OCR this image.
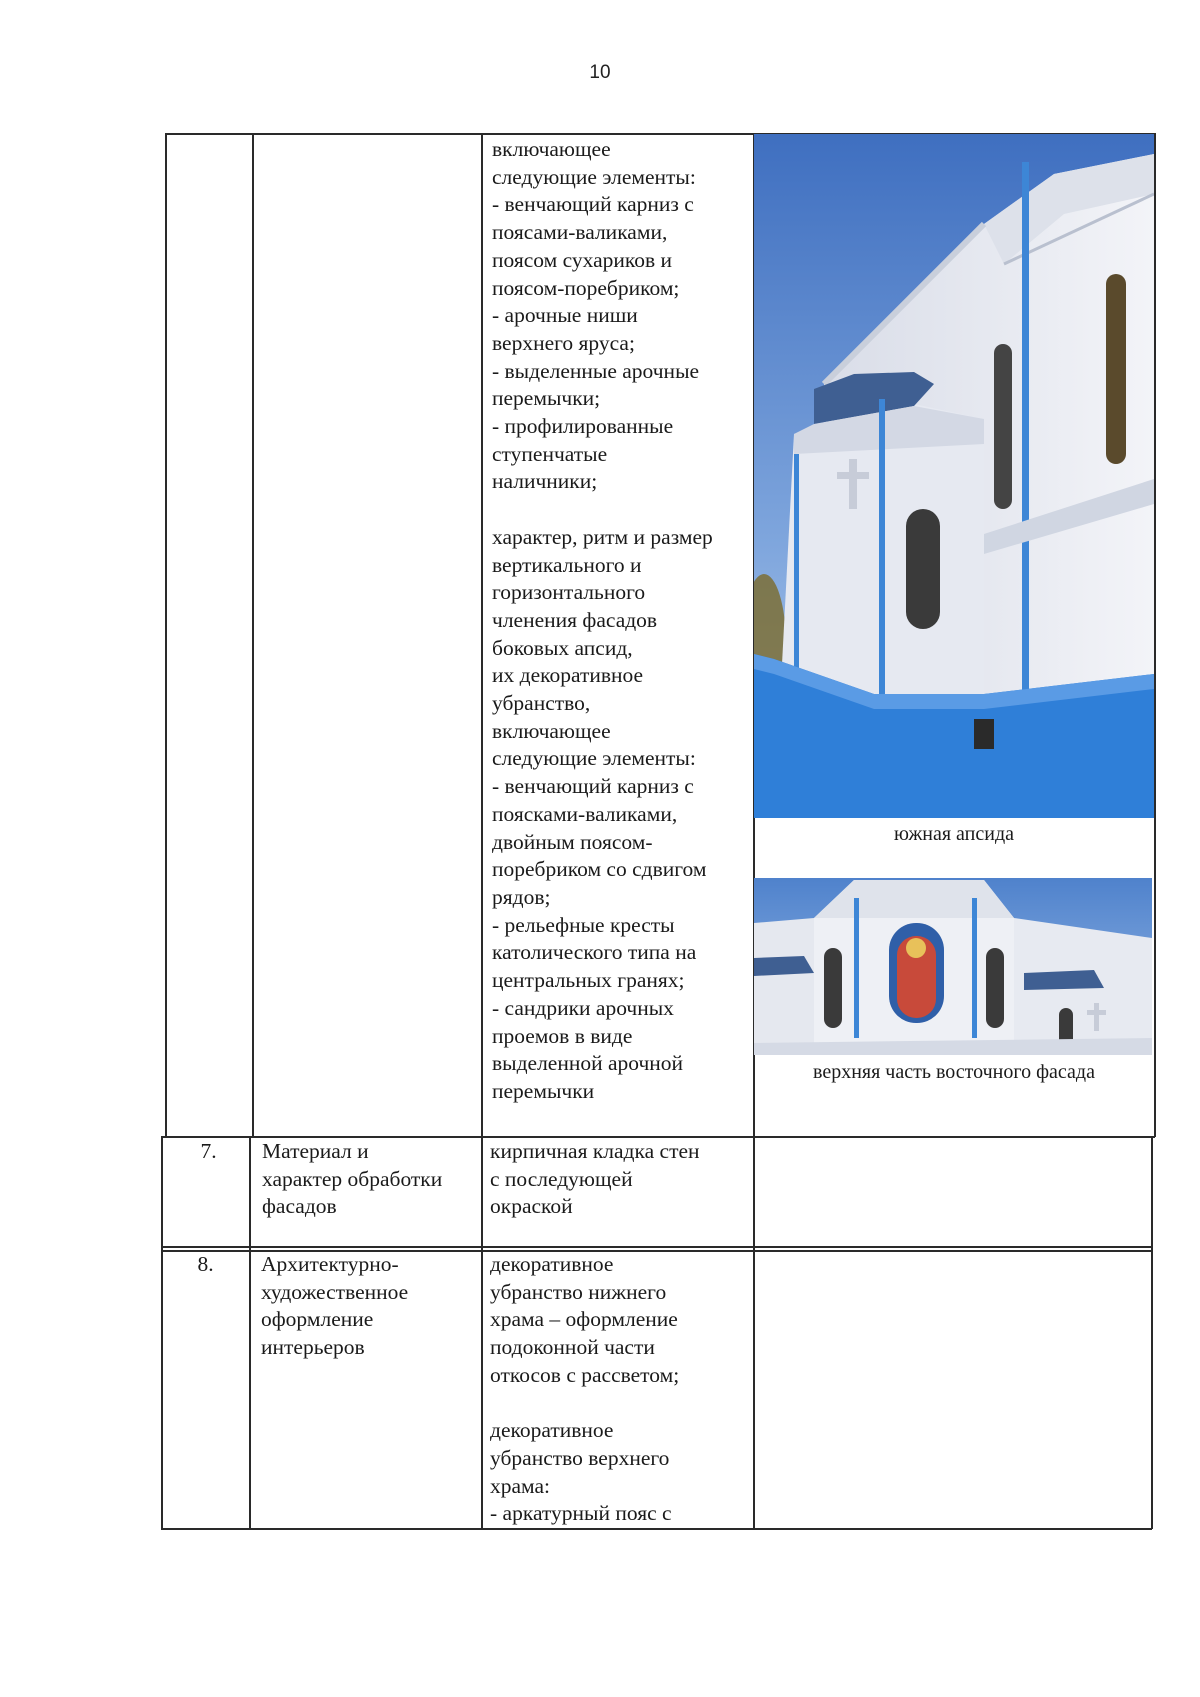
10
включающее
следующие элементы:
- венчающий карниз с
поясами-валиками,
поясом сухариков и
поясом-поребриком;
- арочные ниши
верхнего яруса;
- выделенные арочные
перемычки;
- профилированные
ступенчатые
наличники;

характер, ритм и размер
вертикального и
горизонтального
членения фасадов
боковых апсид,
их декоративное
убранство,
включающее
следующие элементы:
- венчающий карниз с
поясками-валиками,
двойным поясом-
поребриком со сдвигом
рядов;
- рельефные кресты
католического типа на
центральных гранях;
- сандрики арочных
проемов в виде
выделенной арочной
перемычки
южная апсида
верхняя часть восточного фасада
7.	Материал и
характер обработки
фасадов
кирпичная кладка стен
с последующей
окраской
8.	Архитектурно-
художественное
оформление
интерьеров
декоративное
убранство нижнего
храма – оформление
подоконной части
откосов с рассветом;

декоративное
убранство верхнего
храма:
- аркатурный пояс с
